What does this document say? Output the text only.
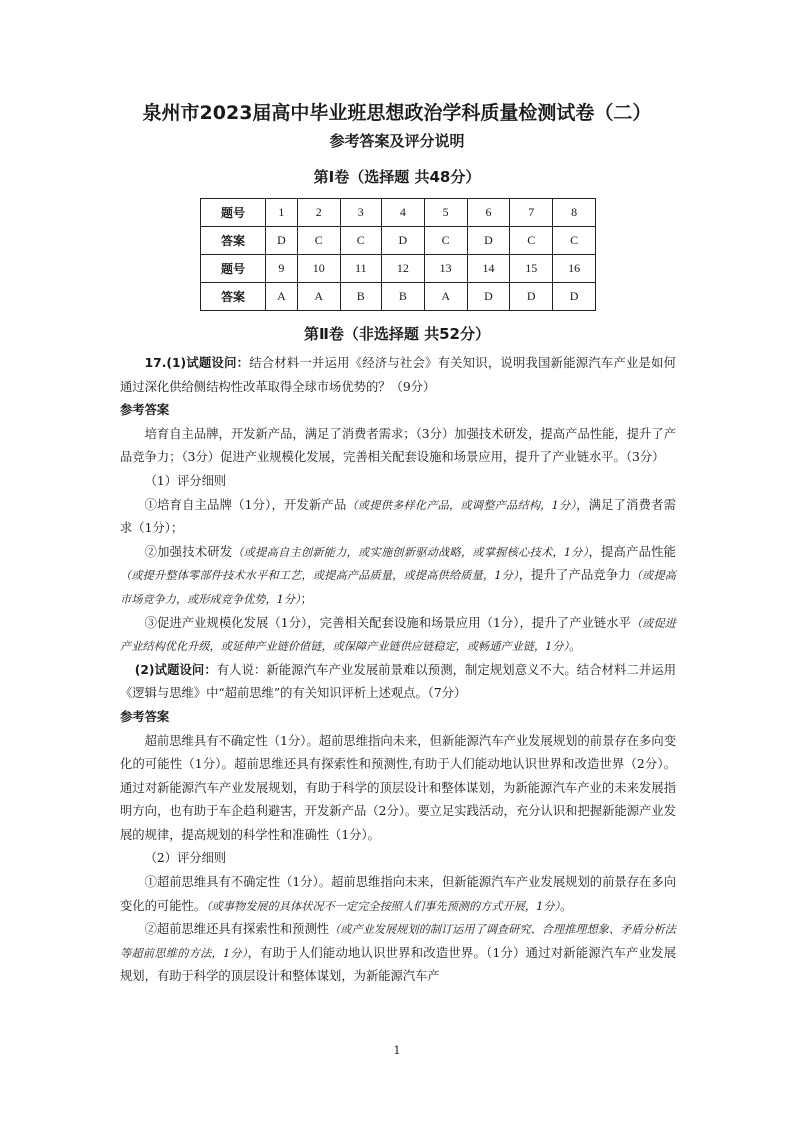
泉州市2023届高中毕业班思想政治学科质量检测试卷（二）
参考答案及评分说明
第Ⅰ卷（选择题 共48分）
题号	1	2	3	4	5	6	7	8
答案	D	C	C	D	C	D	C	C
题号	9	10	11	12	13	14	15	16
答案	A	A	B	B	A	D	D	D
第Ⅱ卷（非选择题 共52分）

17.(1)试题设问：结合材料一并运用《经济与社会》有关知识，说明我国新能源汽车产业是如何通过深化供给侧结构性改革取得全球市场优势的？（9分）

参考答案

培育自主品牌，开发新产品，满足了消费者需求；（3分）加强技术研发，提高产品性能，提升了产品竞争力；（3分）促进产业规模化发展，完善相关配套设施和场景应用，提升了产业链水平。（3分）

（1）评分细则

①培育自主品牌（1分），开发新产品（或提供多样化产品，或调整产品结构，1分），满足了消费者需求（1分）；

②加强技术研发（或提高自主创新能力，或实施创新驱动战略，或掌握核心技术，1分），提高产品性能（或提升整体零部件技术水平和工艺，或提高产品质量，或提高供给质量，1分），提升了产品竞争力（或提高市场竞争力，或形成竞争优势，1分）；

③促进产业规模化发展（1分），完善相关配套设施和场景应用（1分），提升了产业链水平（或促进产业结构优化升级，或延伸产业链价值链，或保障产业链供应链稳定，或畅通产业链，1分）。

(2)试题设问：有人说：新能源汽车产业发展前景难以预测，制定规划意义不大。结合材料二并运用《逻辑与思维》中“超前思维”的有关知识评析上述观点。（7分）

参考答案

超前思维具有不确定性（1分）。超前思维指向未来，但新能源汽车产业发展规划的前景存在多向变化的可能性（1分）。超前思维还具有探索性和预测性,有助于人们能动地认识世界和改造世界（2分）。通过对新能源汽车产业发展规划，有助于科学的顶层设计和整体谋划，为新能源汽车产业的未来发展指明方向，也有助于车企趋利避害，开发新产品（2分）。要立足实践活动，充分认识和把握新能源产业发展的规律，提高规划的科学性和准确性（1分）。

（2）评分细则

①超前思维具有不确定性（1分）。超前思维指向未来，但新能源汽车产业发展规划的前景存在多向变化的可能性。（或事物发展的具体状况不一定完全按照人们事先预测的方式开展，1分）。

②超前思维还具有探索性和预测性（或产业发展规划的制订运用了调查研究、合理推理想象、矛盾分析法等超前思维的方法，1分），有助于人们能动地认识世界和改造世界。（1分）通过对新能源汽车产业发展规划，有助于科学的顶层设计和整体谋划，为新能源汽车产

1
